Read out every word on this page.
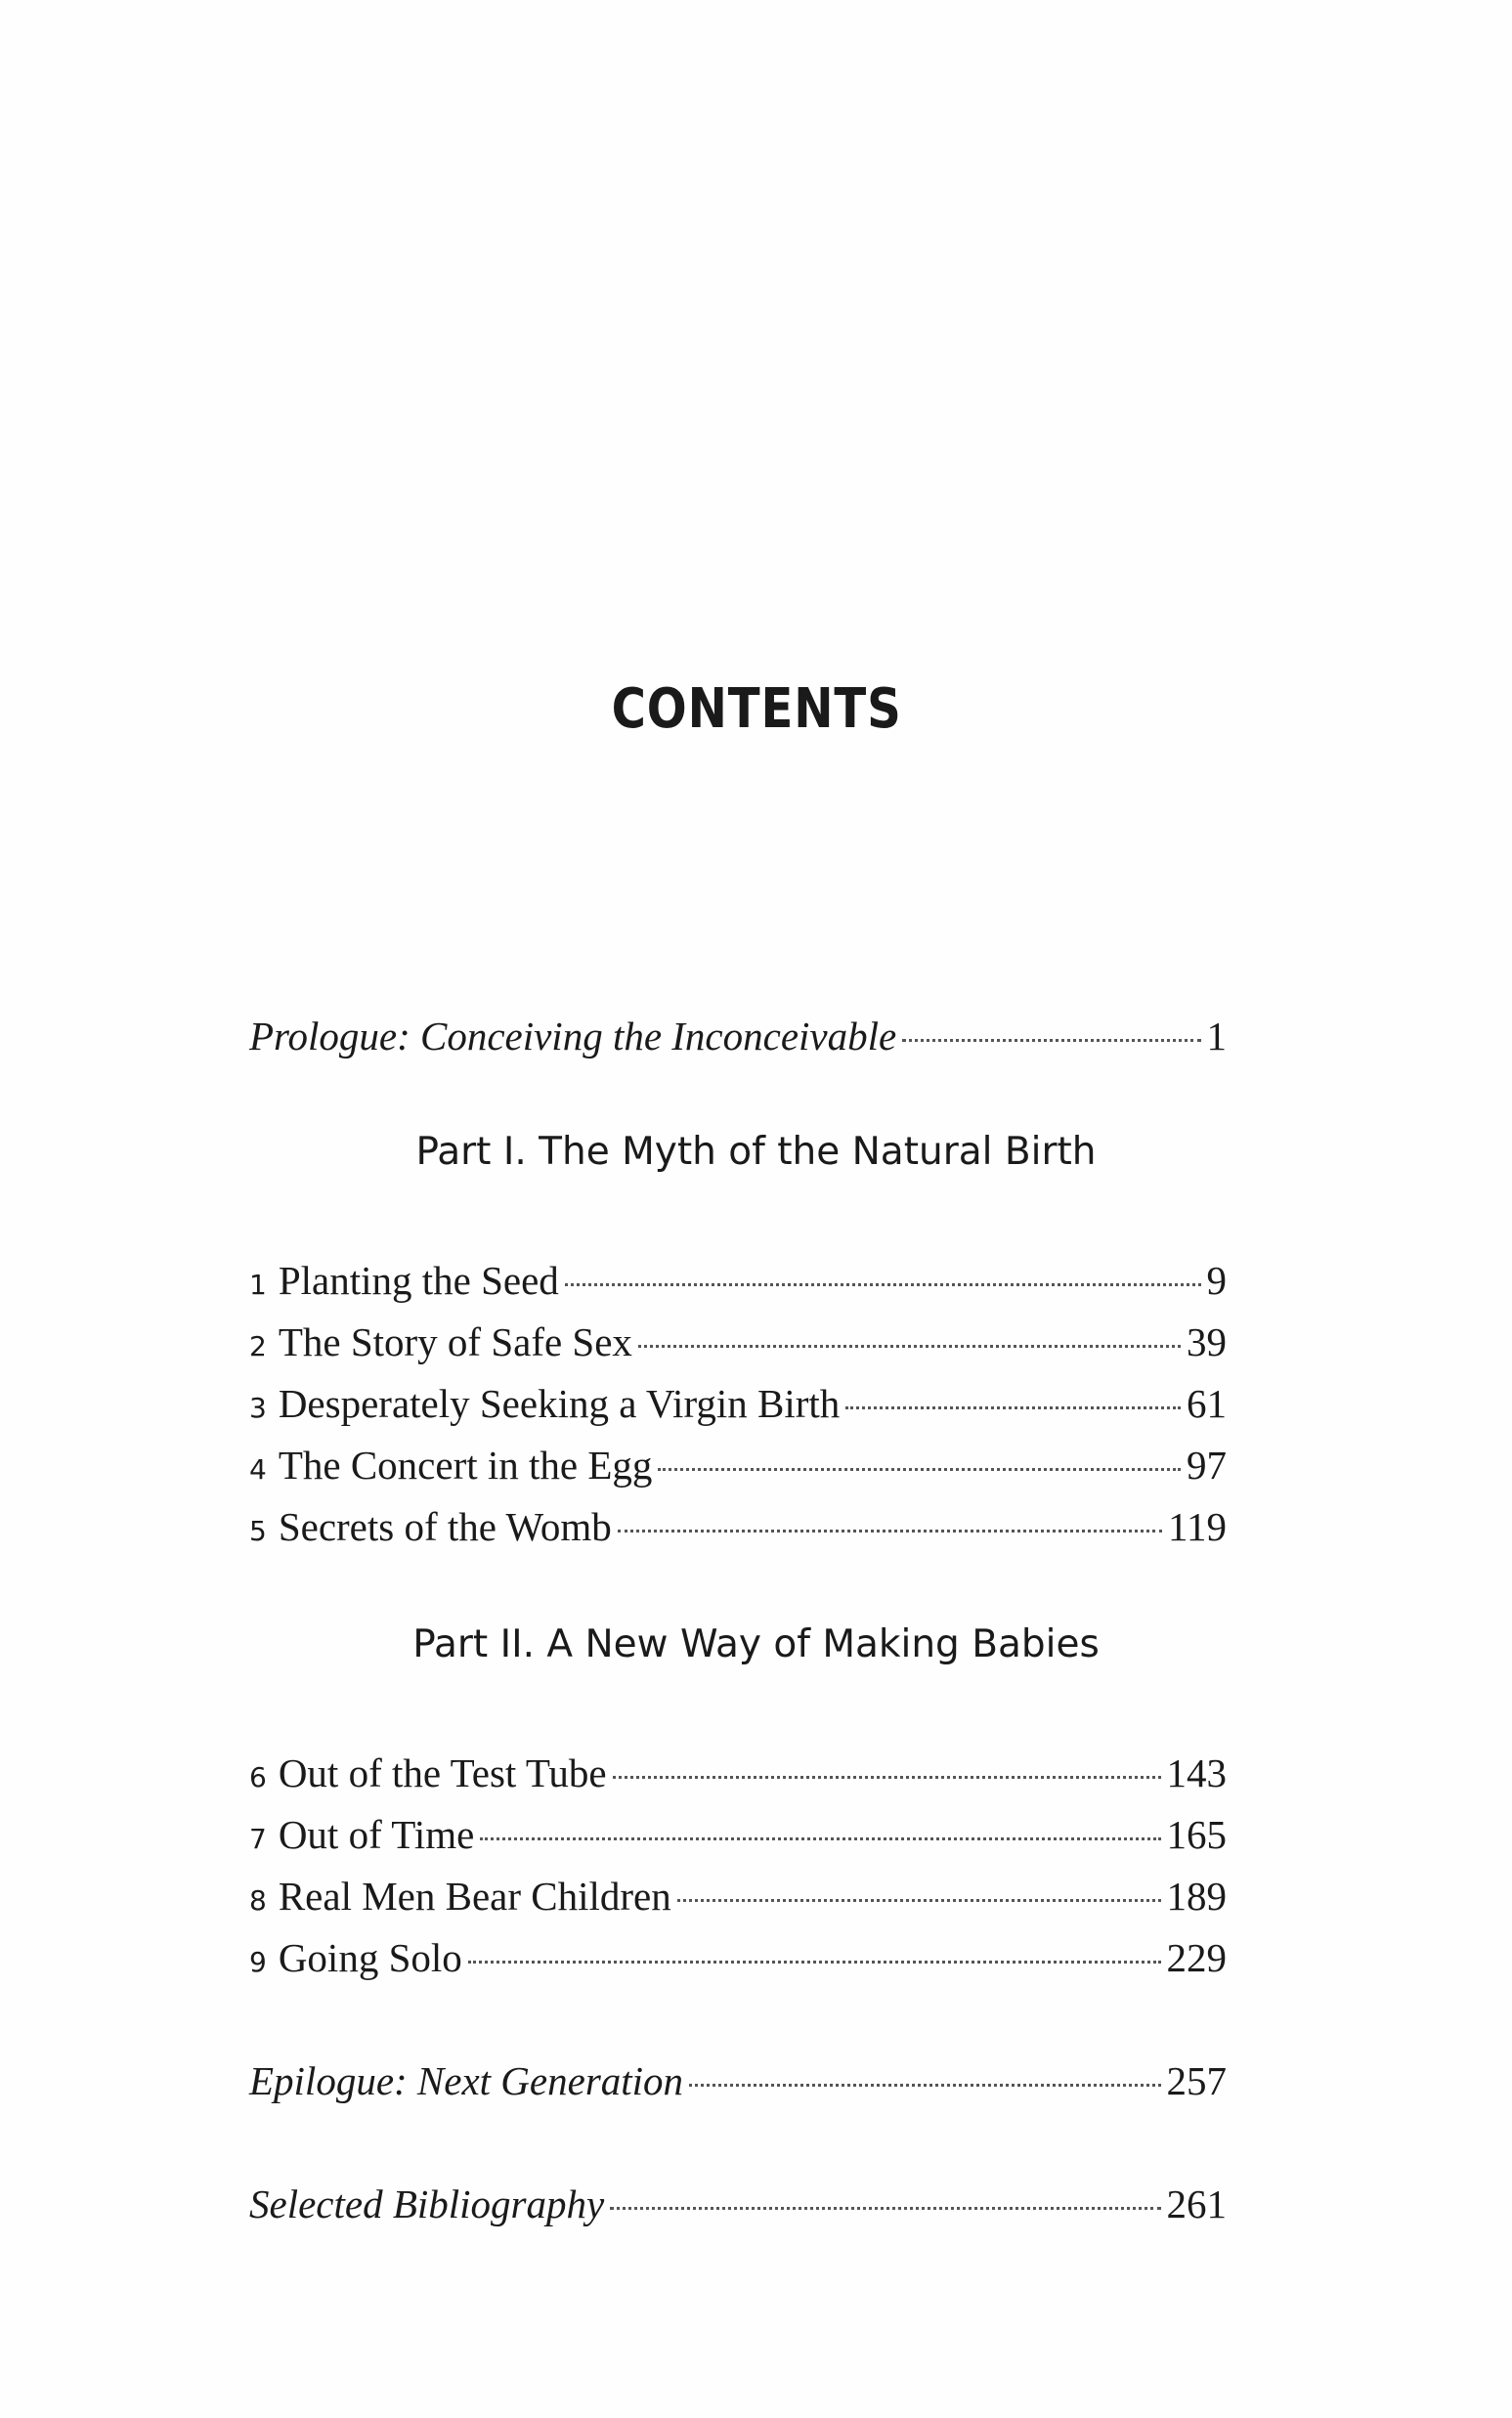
CONTENTS
Prologue: Conceiving the Inconceivable	1
1 Planting the Seed	9
2 The Story of Safe Sex	39
3 Desperately Seeking a Virgin Birth	61
4 The Concert in the Egg	97
5 Secrets of the Womb	119
6 Out of the Test Tube	143
7 Out of Time	165
8 Real Men Bear Children	189
9 Going Solo	229
Epilogue: Next Generation	257
Selected Bibliography	261
Part I. The Myth of the Natural Birth
Part II. A New Way of Making Babies
